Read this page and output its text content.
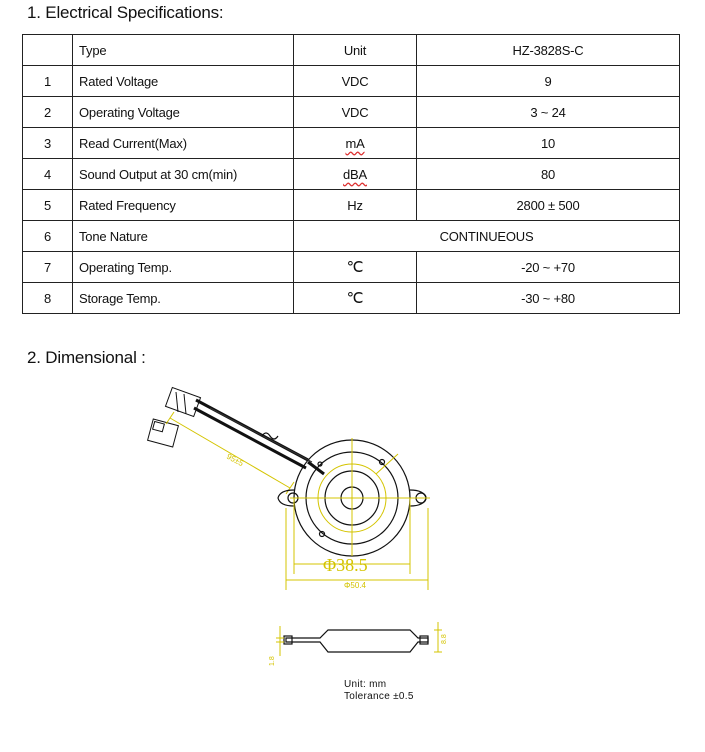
1. Electrical Specifications:
	Type	Unit	HZ-3828S-C
1	Rated Voltage	VDC	9
2	Operating Voltage	VDC	3 ~ 24
3	Read Current(Max)	mA	10
4	Sound Output at 30 cm(min)	dBA	80
5	Rated Frequency	Hz	2800 ± 500
6	Tone Nature	CONTINUEOUS	
7	Operating Temp.	℃	-20 ~ +70
8	Storage Temp.	℃	-30 ~ +80
2. Dimensional :
95±5
Φ38.5
Φ50.4
8.8
1.8
Unit: mm
Tolerance ±0.5
